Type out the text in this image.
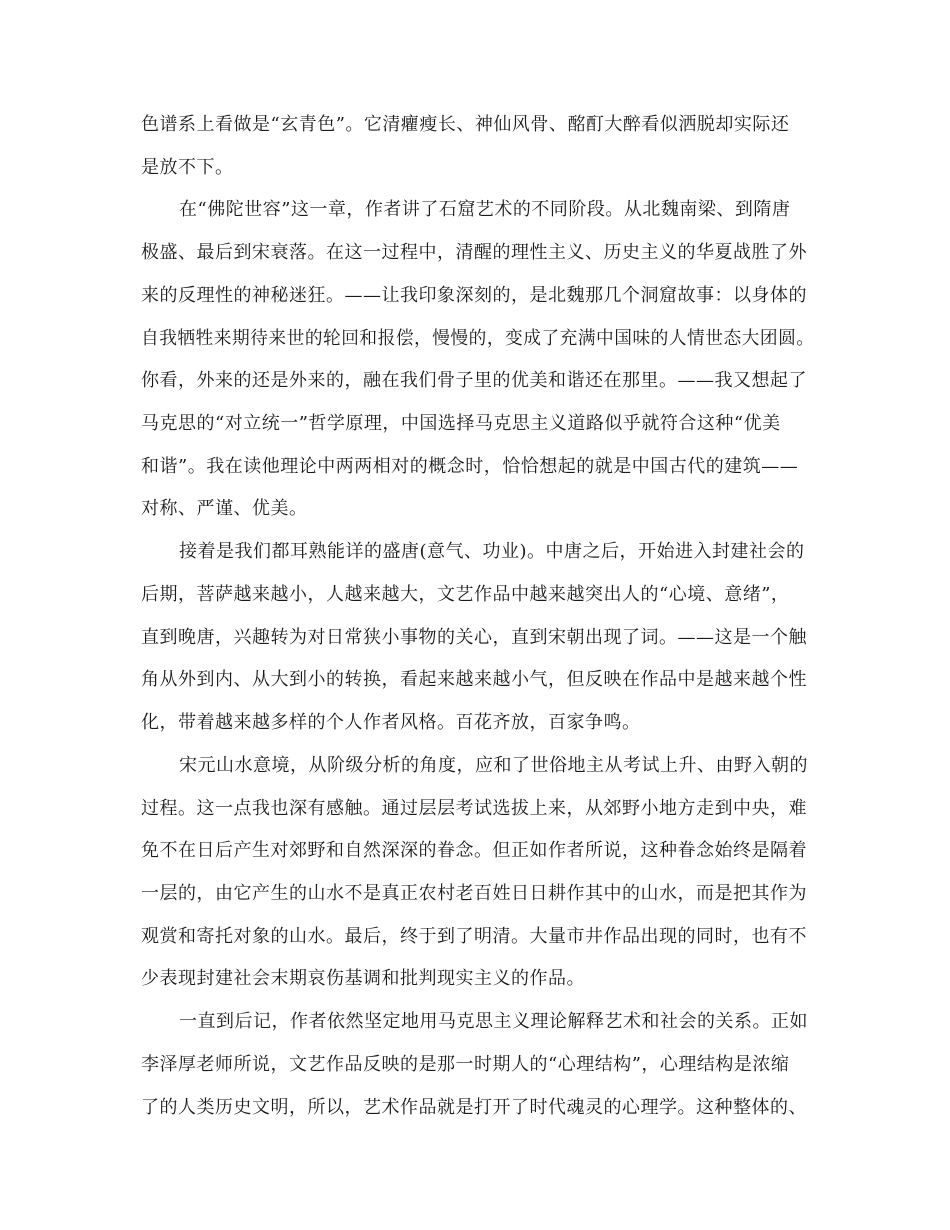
色谱系上看做是“玄青色”。它清癯瘦长、神仙风骨、酩酊大醉看似洒脱却实际还
是放不下。
在“佛陀世容”这一章，作者讲了石窟艺术的不同阶段。从北魏南梁、到隋唐
极盛、最后到宋衰落。在这一过程中，清醒的理性主义、历史主义的华夏战胜了外
来的反理性的神秘迷狂。——让我印象深刻的，是北魏那几个洞窟故事：以身体的
自我牺牲来期待来世的轮回和报偿，慢慢的，变成了充满中国味的人情世态大团圆。
你看，外来的还是外来的，融在我们骨子里的优美和谐还在那里。——我又想起了
马克思的“对立统一”哲学原理，中国选择马克思主义道路似乎就符合这种“优美
和谐”。我在读他理论中两两相对的概念时，恰恰想起的就是中国古代的建筑——
对称、严谨、优美。
接着是我们都耳熟能详的盛唐(意气、功业)。中唐之后，开始进入封建社会的
后期，菩萨越来越小，人越来越大，文艺作品中越来越突出人的“心境、意绪”，
直到晚唐，兴趣转为对日常狭小事物的关心，直到宋朝出现了词。——这是一个触
角从外到内、从大到小的转换，看起来越来越小气，但反映在作品中是越来越个性
化，带着越来越多样的个人作者风格。百花齐放，百家争鸣。
宋元山水意境，从阶级分析的角度，应和了世俗地主从考试上升、由野入朝的
过程。这一点我也深有感触。通过层层考试选拔上来，从郊野小地方走到中央，难
免不在日后产生对郊野和自然深深的眷念。但正如作者所说，这种眷念始终是隔着
一层的，由它产生的山水不是真正农村老百姓日日耕作其中的山水，而是把其作为
观赏和寄托对象的山水。最后，终于到了明清。大量市井作品出现的同时，也有不
少表现封建社会末期哀伤基调和批判现实主义的作品。
一直到后记，作者依然坚定地用马克思主义理论解释艺术和社会的关系。正如
李泽厚老师所说，文艺作品反映的是那一时期人的“心理结构”，心理结构是浓缩
了的人类历史文明，所以，艺术作品就是打开了时代魂灵的心理学。这种整体的、
